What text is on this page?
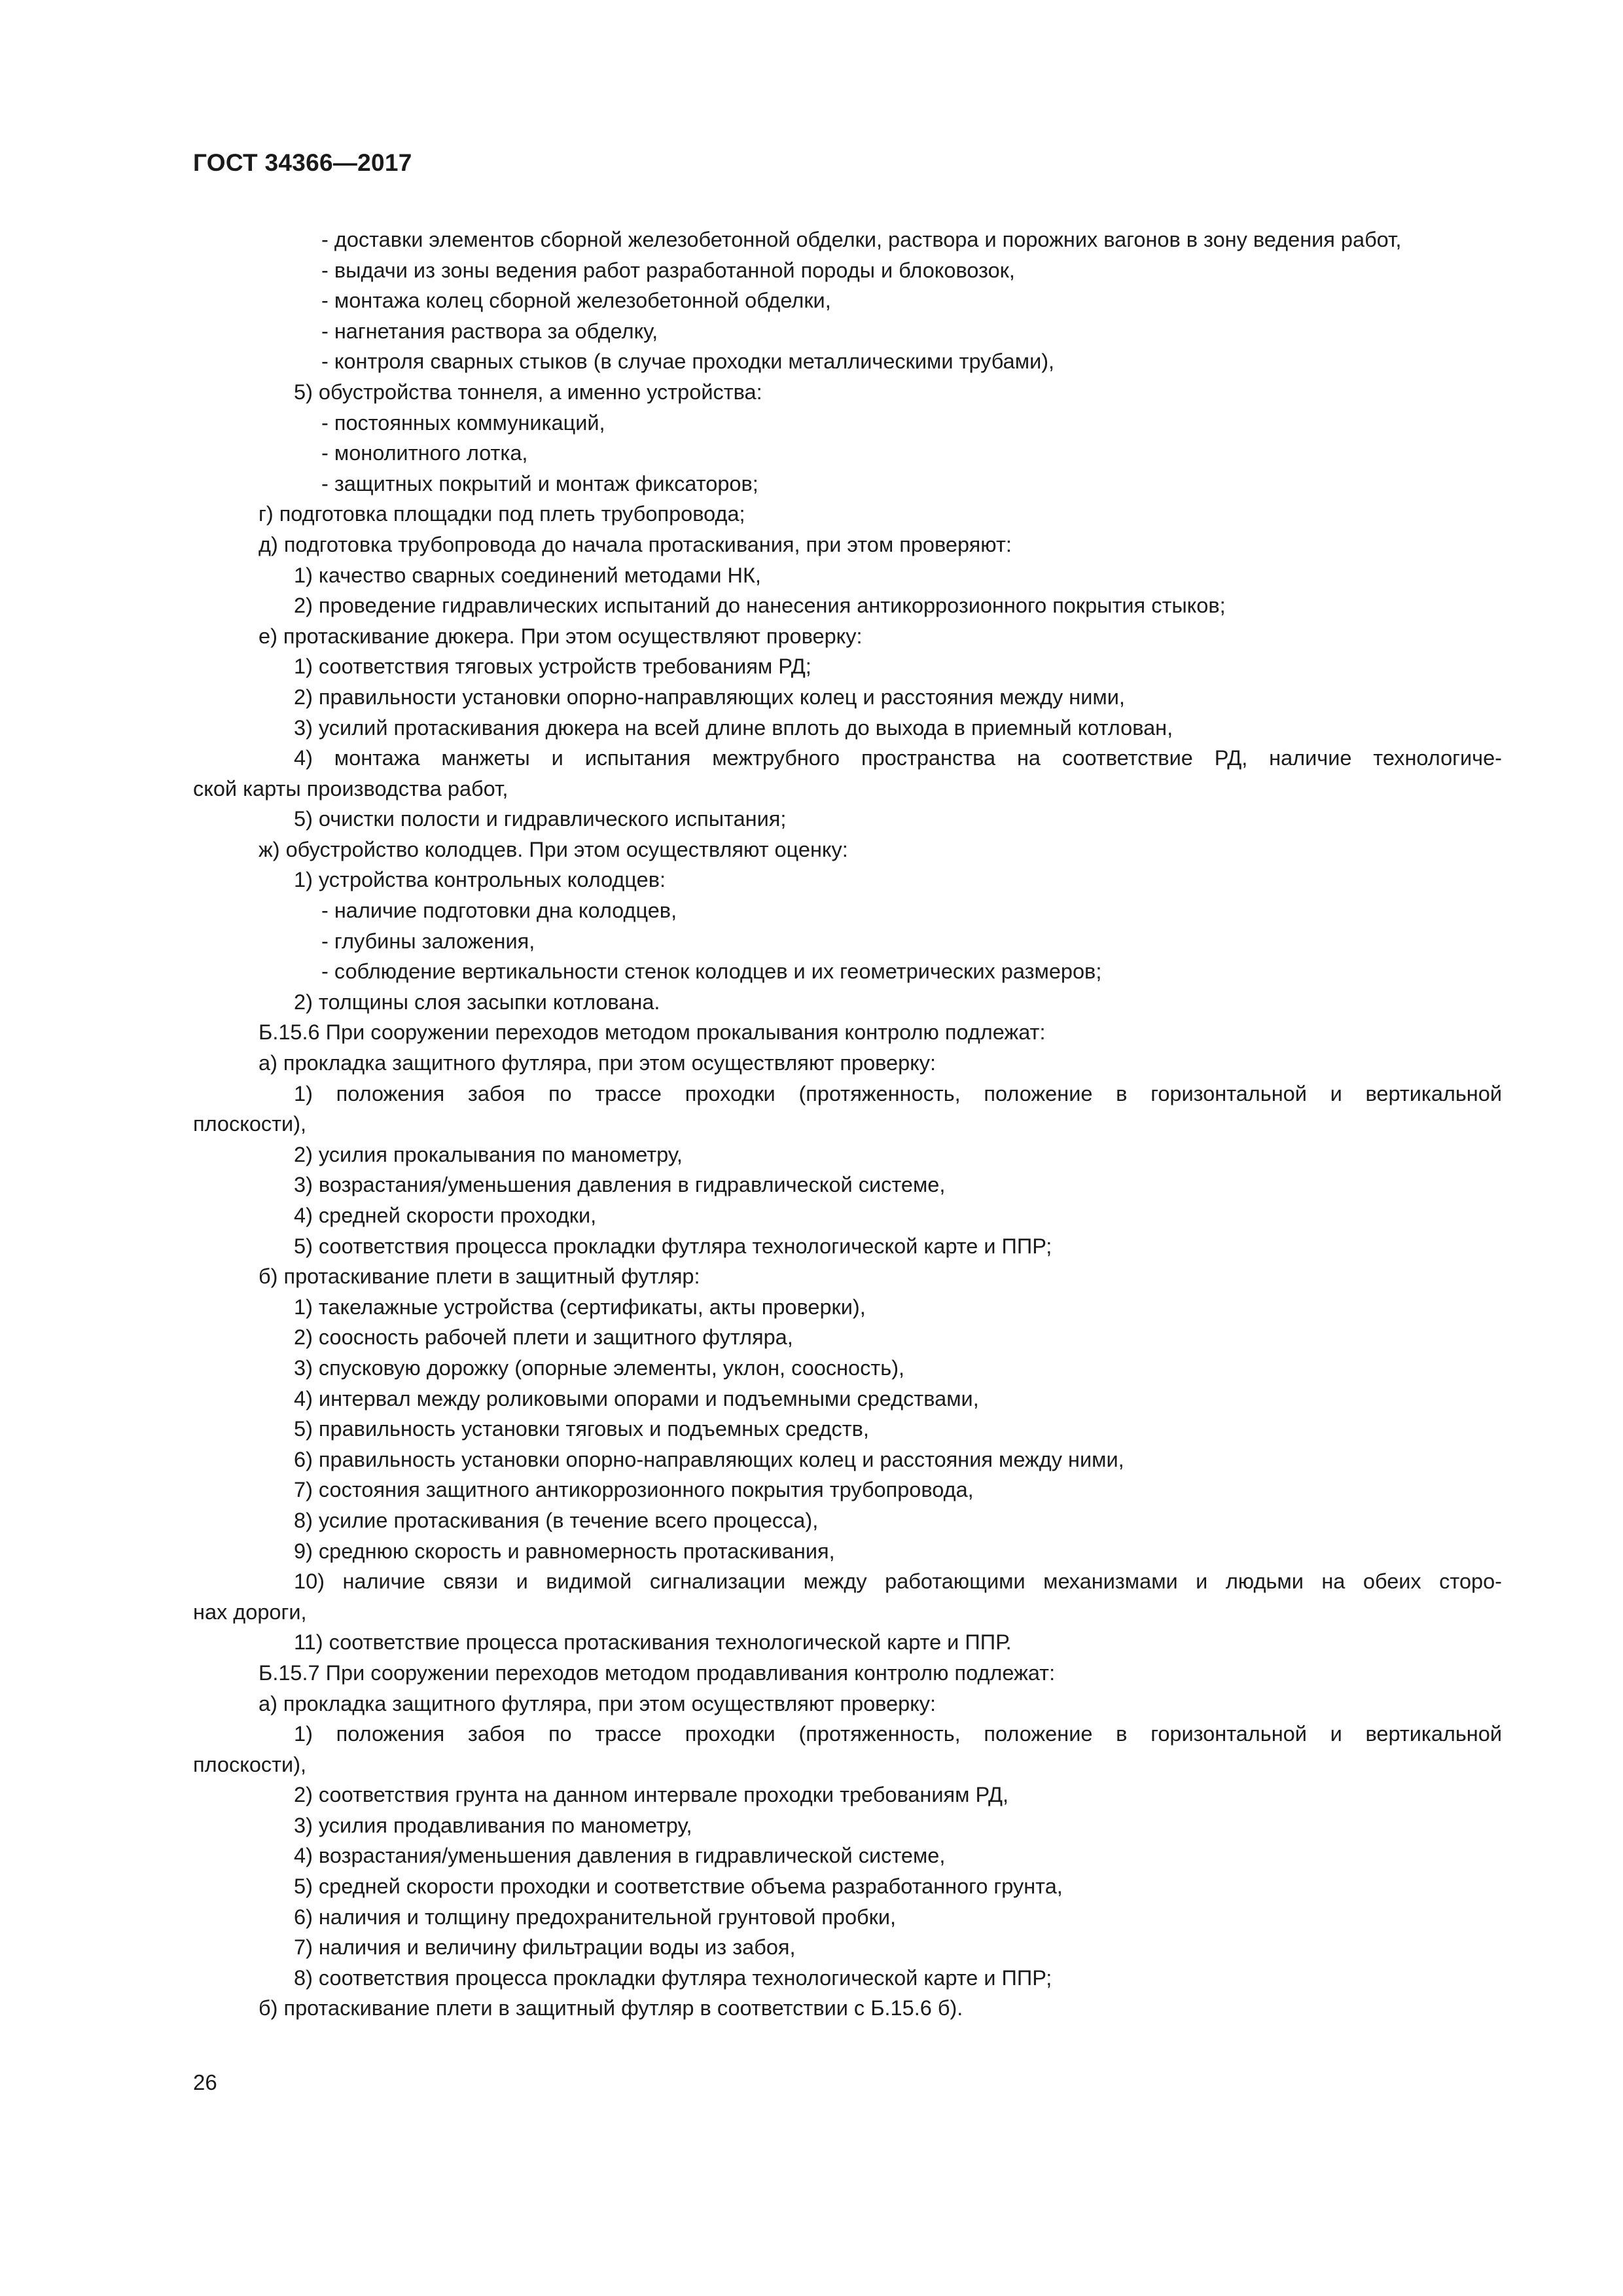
ГОСТ 34366—2017
- доставки элементов сборной железобетонной обделки, раствора и порожних вагонов в зону ведения работ,
- выдачи из зоны ведения работ разработанной породы и блоковозок,
- монтажа колец сборной железобетонной обделки,
- нагнетания раствора за обделку,
- контроля сварных стыков (в случае проходки металлическими трубами),
5) обустройства тоннеля, а именно устройства:
- постоянных коммуникаций,
- монолитного лотка,
- защитных покрытий и монтаж фиксаторов;
г) подготовка площадки под плеть трубопровода;
д) подготовка трубопровода до начала протаскивания, при этом проверяют:
1) качество сварных соединений методами НК,
2) проведение гидравлических испытаний до нанесения антикоррозионного покрытия стыков;
е) протаскивание дюкера. При этом осуществляют проверку:
1) соответствия тяговых устройств требованиям РД;
2) правильности установки опорно-направляющих колец и расстояния между ними,
3) усилий протаскивания дюкера на всей длине вплоть до выхода в приемный котлован,
4) монтажа манжеты и испытания межтрубного пространства на соответствие РД, наличие технологиче-
ской карты производства работ,
5) очистки полости и гидравлического испытания;
ж) обустройство колодцев. При этом осуществляют оценку:
1) устройства контрольных колодцев:
- наличие подготовки дна колодцев,
- глубины заложения,
- соблюдение вертикальности стенок колодцев и их геометрических размеров;
2) толщины слоя засыпки котлована.
Б.15.6 При сооружении переходов методом прокалывания контролю подлежат:
а) прокладка защитного футляра, при этом осуществляют проверку:
1) положения забоя по трассе проходки (протяженность, положение в горизонтальной и вертикальной
плоскости),
2) усилия прокалывания по манометру,
3) возрастания/уменьшения давления в гидравлической системе,
4) средней скорости проходки,
5) соответствия процесса прокладки футляра технологической карте и ППР;
б) протаскивание плети в защитный футляр:
1) такелажные устройства (сертификаты, акты проверки),
2) соосность рабочей плети и защитного футляра,
3) спусковую дорожку (опорные элементы, уклон, соосность),
4) интервал между роликовыми опорами и подъемными средствами,
5) правильность установки тяговых и подъемных средств,
6) правильность установки опорно-направляющих колец и расстояния между ними,
7) состояния защитного антикоррозионного покрытия трубопровода,
8) усилие протаскивания (в течение всего процесса),
9) среднюю скорость и равномерность протаскивания,
10) наличие связи и видимой сигнализации между работающими механизмами и людьми на обеих сторо-
нах дороги,
11) соответствие процесса протаскивания технологической карте и ППР.
Б.15.7 При сооружении переходов методом продавливания контролю подлежат:
а) прокладка защитного футляра, при этом осуществляют проверку:
1) положения забоя по трассе проходки (протяженность, положение в горизонтальной и вертикальной
плоскости),
2) соответствия грунта на данном интервале проходки требованиям РД,
3) усилия продавливания по манометру,
4) возрастания/уменьшения давления в гидравлической системе,
5) средней скорости проходки и соответствие объема разработанного грунта,
6) наличия и толщину предохранительной грунтовой пробки,
7) наличия и величину фильтрации воды из забоя,
8) соответствия процесса прокладки футляра технологической карте и ППР;
б) протаскивание плети в защитный футляр в соответствии с Б.15.6 б).
26
